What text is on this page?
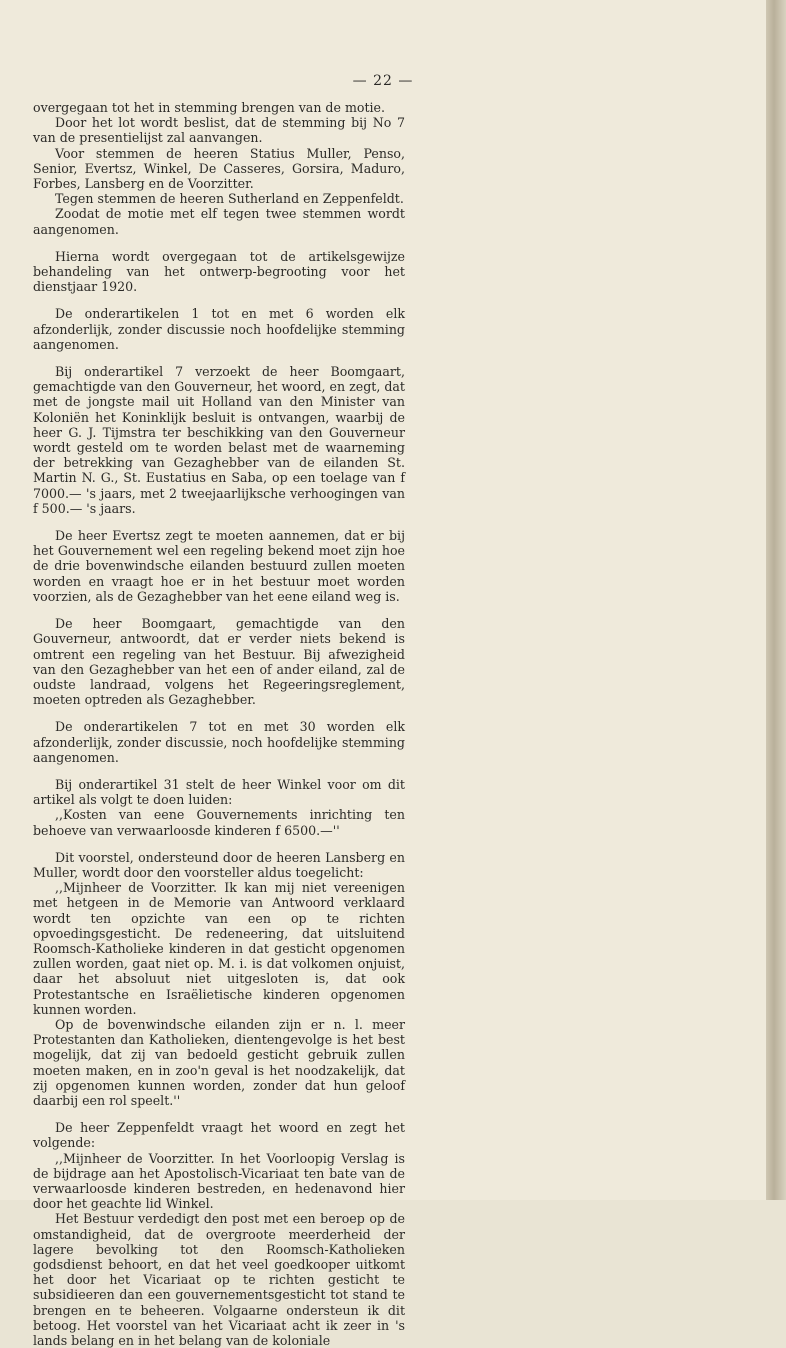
— 22 —

overgegaan tot het in stemming brengen van de motie.

Door het lot wordt beslist, dat de stemming bij No 7 van de presentielijst zal aanvangen.

Voor stemmen de heeren Statius Muller, Penso, Senior, Evertsz, Winkel, De Casseres, Gorsira, Maduro, Forbes, Lansberg en de Voorzitter.

Tegen stemmen de heeren Sutherland en Zeppenfeldt.

Zoodat de motie met elf tegen twee stemmen wordt aangenomen.

Hierna wordt overgegaan tot de artikelsgewijze behandeling van het ontwerp-begrooting voor het dienstjaar 1920.

De onderartikelen 1 tot en met 6 worden elk afzonderlijk, zonder discussie noch hoofdelijke stemming aangenomen.

Bij onderartikel 7 verzoekt de heer Boomgaart, gemachtigde van den Gouverneur, het woord, en zegt, dat met de jongste mail uit Holland van den Minister van Koloniën het Koninklijk besluit is ontvangen, waarbij de heer G. J. Tijmstra ter beschikking van den Gouverneur wordt gesteld om te worden belast met de waarneming der betrekking van Gezaghebber van de eilanden St. Martin N. G., St. Eustatius en Saba, op een toelage van f 7000.— 's jaars, met 2 tweejaarlijksche verhoogingen van f 500.— 's jaars.

De heer Evertsz zegt te moeten aannemen, dat er bij het Gouvernement wel een regeling bekend moet zijn hoe de drie bovenwindsche eilanden bestuurd zullen moeten worden en vraagt hoe er in het bestuur moet worden voorzien, als de Gezaghebber van het eene eiland weg is.

De heer Boomgaart, gemachtigde van den Gouverneur, antwoordt, dat er verder niets bekend is omtrent een regeling van het Bestuur. Bij afwezigheid van den Gezaghebber van het een of ander eiland, zal de oudste landraad, volgens het Regeeringsreglement, moeten optreden als Gezaghebber.

De onderartikelen 7 tot en met 30 worden elk afzonderlijk, zonder discussie, noch hoofdelijke stemming aangenomen.

Bij onderartikel 31 stelt de heer Winkel voor om dit artikel als volgt te doen luiden:

,,Kosten van eene Gouvernements inrichting ten behoeve van verwaarloosde kinderen f 6500.—''

Dit voorstel, ondersteund door de heeren Lansberg en Muller, wordt door den voorsteller aldus toegelicht:

,,Mijnheer de Voorzitter. Ik kan mij niet vereenigen met hetgeen in de Memorie van Antwoord verklaard wordt ten opzichte van een op te richten opvoedingsgesticht. De redeneering, dat uitsluitend Roomsch-Katholieke kinderen in dat gesticht opgenomen zullen worden, gaat niet op. M. i. is dat volkomen onjuist, daar het absoluut niet uitgesloten is, dat ook Protestantsche en Israëlietische kinderen opgenomen kunnen worden.

Op de bovenwindsche eilanden zijn er n. l. meer Protestanten dan Katholieken, dientengevolge is het best mogelijk, dat zij van bedoeld gesticht gebruik zullen moeten maken, en in zoo'n geval is het noodzakelijk, dat zij opgenomen kunnen worden, zonder dat hun geloof daarbij een rol speelt.''

De heer Zeppenfeldt vraagt het woord en zegt het volgende:

,,Mijnheer de Voorzitter. In het Voorloopig Verslag is de bijdrage aan het Apostolisch-Vicariaat ten bate van de verwaarloosde kinderen bestreden, en hedenavond hier door het geachte lid Winkel.

Het Bestuur verdedigt den post met een beroep op de omstandigheid, dat de overgroote meerderheid der lagere bevolking tot den Roomsch-Katholieken godsdienst behoort, en dat het veel goedkooper uitkomt het door het Vicariaat op te richten gesticht te subsidieeren dan een gouvernementsgesticht tot stand te brengen en te beheeren. Volgaarne ondersteun ik dit betoog. Het voorstel van het Vicariaat acht ik zeer in 's lands belang en in het belang van de koloniale
